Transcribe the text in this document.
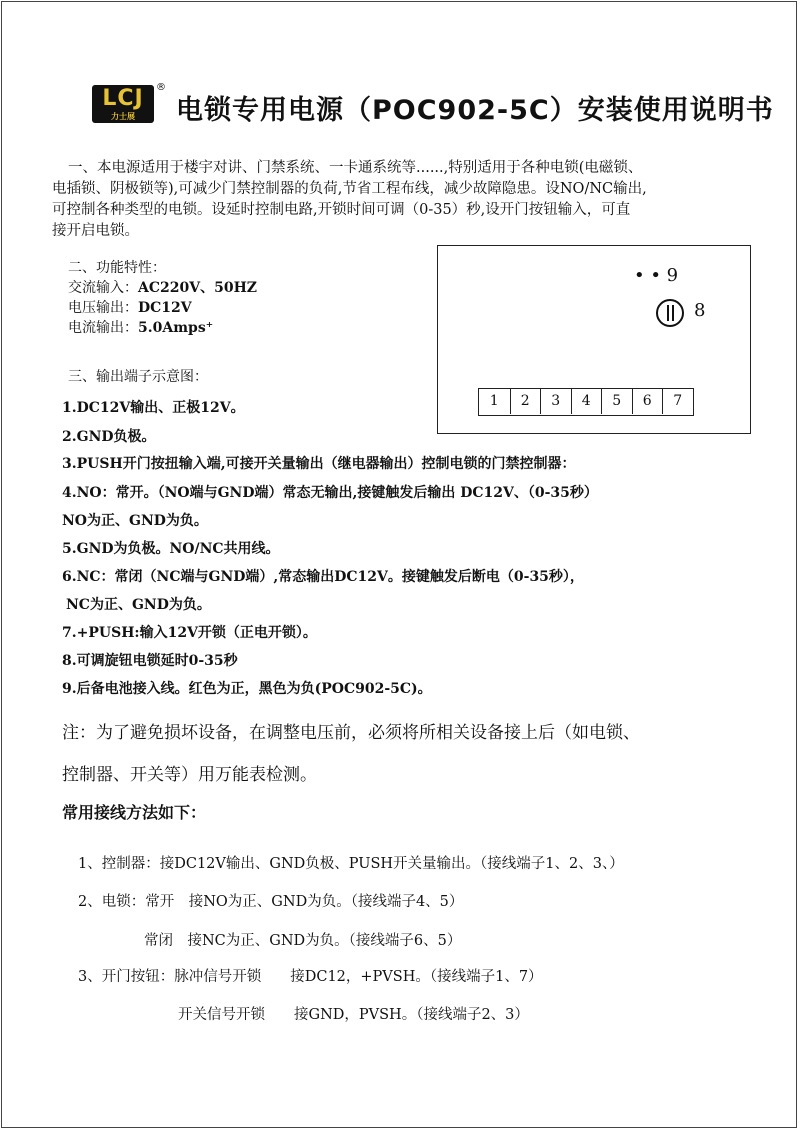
LCJ
力士展
®
电锁专用电源（POC902-5C）安装使用说明书
一、本电源适用于楼宇对讲、门禁系统、一卡通系统等......,特别适用于各种电锁(电磁锁、
电插锁、阴极锁等),可减少门禁控制器的负荷,节省工程布线，减少故障隐患。设NO/NC输出,
可控制各种类型的电锁。设延时控制电路,开锁时间可调（0-35）秒,设开门按钮输入，可直
接开启电锁。
二、功能特性：
交流输入：AC220V、50HZ
电压输出：DC12V
电流输出：5.0Amps⁺
三、输出端子示意图：
1.DC12V输出、正极12V。
2.GND负极。
3.PUSH开门按扭输入端,可接开关量输出（继电器输出）控制电锁的门禁控制器：
4.NO：常开。（NO端与GND端）常态无输出,接键触发后输出 DC12V、（0-35秒）
NO为正、GND为负。
5.GND为负极。NO/NC共用线。
6.NC：常闭（NC端与GND端）,常态输出DC12V。接键触发后断电（0-35秒），
NC为正、GND为负。
7.+PUSH:输入12V开锁（正电开锁）。
8.可调旋钮电锁延时0-35秒
9.后备电池接入线。红色为正，黑色为负(POC902-5C)。
• • 9
8
1	2	3	4	5	6	7
注：为了避免损坏设备，在调整电压前，必须将所相关设备接上后（如电锁、
控制器、开关等）用万能表检测。
常用接线方法如下：
1、控制器：接DC12V输出、GND负极、PUSH开关量输出。（接线端子1、2、3、）
2、电锁：常开　接NO为正、GND为负。（接线端子4、5）
常闭　接NC为正、GND为负。（接线端子6、5）
3、开门按钮：脉冲信号开锁　　接DC12，+PVSH。（接线端子1、7）
开关信号开锁　　接GND，PVSH。（接线端子2、3）
